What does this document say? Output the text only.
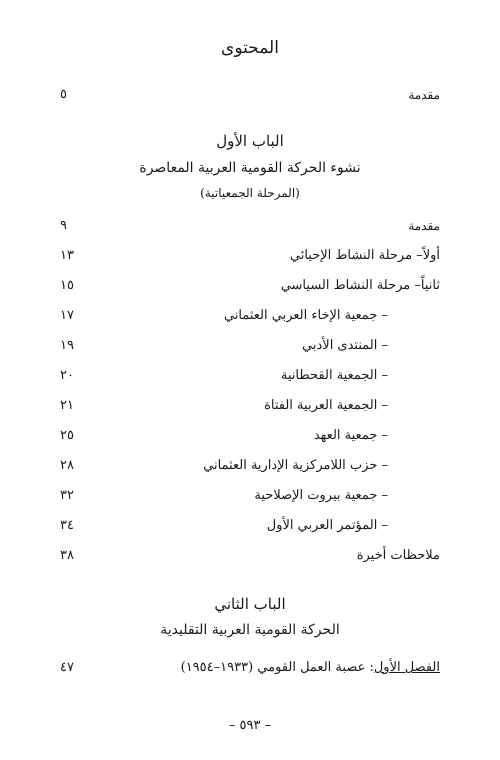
المحتوى
مقدمة
٥
الباب الأول
نشوء الحركة القومية العربية المعاصرة
(المرحلة الجمعياتية)
مقدمة
٩
أولاً– مرحلة النشاط الإحيائي
١٣
ثانياً– مرحلة النشاط السياسي
١٥
– جمعية الإخاء العربي العثماني
١٧
– المنتدى الأدبي
١٩
– الجمعية القحطانية
٢٠
– الجمعية العربية الفتاة
٢١
– جمعية العهد
٢٥
– حزب اللامركزية الإدارية العثماني
٢٨
– جمعية بيروت الإصلاحية
٣٢
– المؤتمر العربي الأول
٣٤
ملاحظات أخيرة
٣٨
الباب الثاني
الحركة القومية العربية التقليدية
الفصل الأول: عصبة العمل القومي (١٩٣٣–١٩٥٤)
٤٧
– ٥٩٣ –
